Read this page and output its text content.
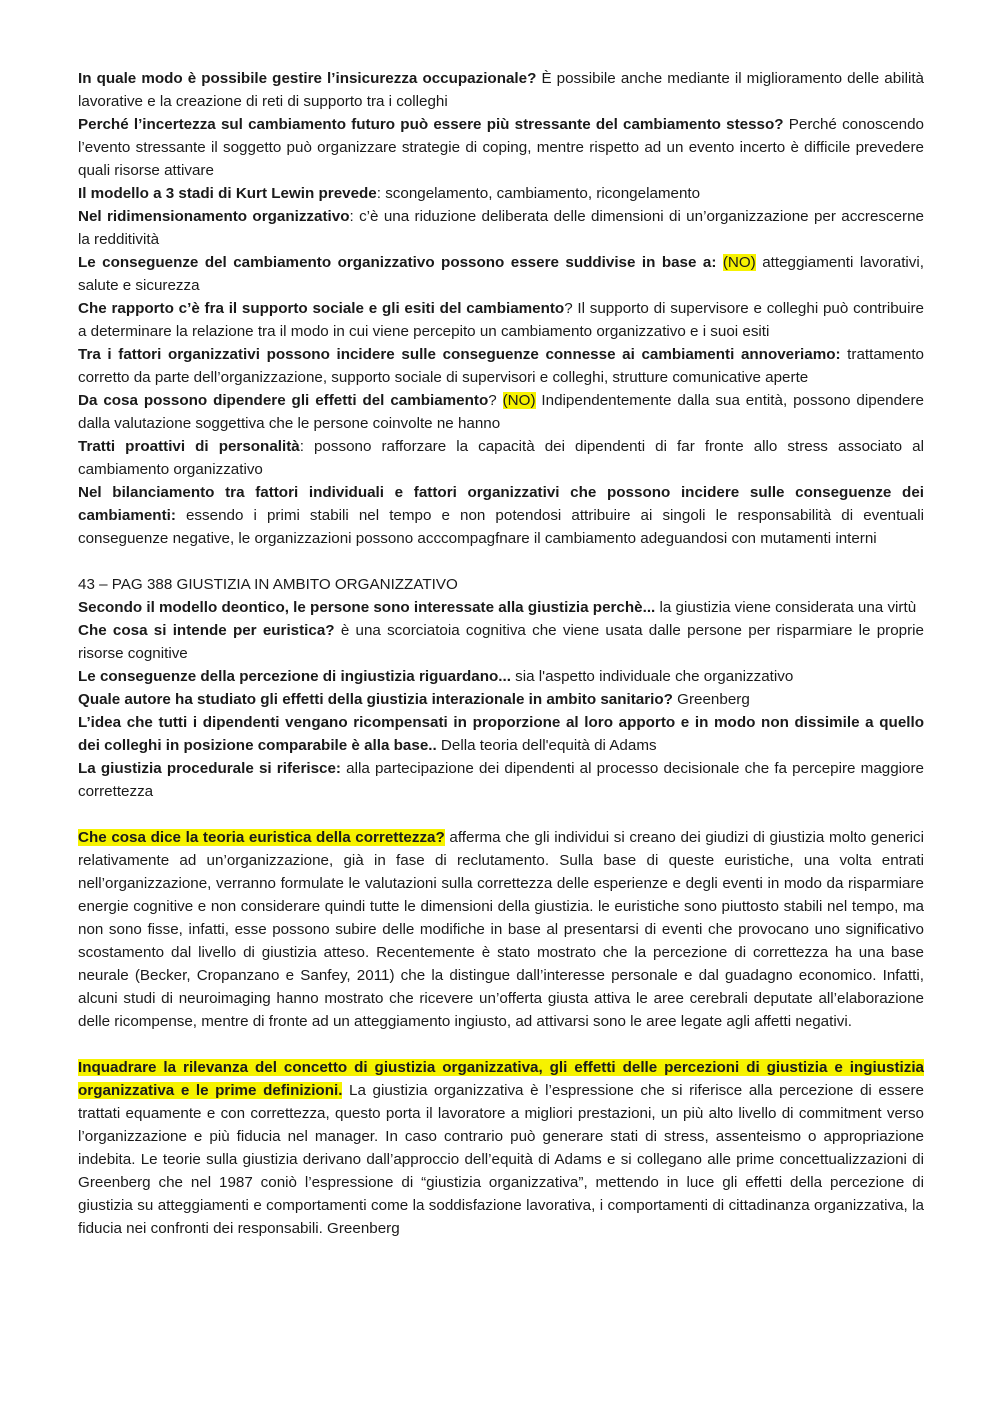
In quale modo è possibile gestire l’insicurezza occupazionale? È possibile anche mediante il miglioramento delle abilità lavorative e la creazione di reti di supporto tra i colleghi

Perché l’incertezza sul cambiamento futuro può essere più stressante del cambiamento stesso? Perché conoscendo l’evento stressante il soggetto può organizzare strategie di coping, mentre rispetto ad un evento incerto è difficile prevedere quali risorse attivare

Il modello a 3 stadi di Kurt Lewin prevede: scongelamento, cambiamento, ricongelamento

Nel ridimensionamento organizzativo: c’è una riduzione deliberata delle dimensioni di un’organizzazione per accrescerne la redditività

Le conseguenze del cambiamento organizzativo possono essere suddivise in base a: (NO) atteggiamenti lavorativi, salute e sicurezza

Che rapporto c’è fra il supporto sociale e gli esiti del cambiamento? Il supporto di supervisore e colleghi può contribuire a determinare la relazione tra il modo in cui viene percepito un cambiamento organizzativo e i suoi esiti

Tra i fattori organizzativi possono incidere sulle conseguenze connesse ai cambiamenti annoveriamo: trattamento corretto da parte dell’organizzazione, supporto sociale di supervisori e colleghi, strutture comunicative aperte

Da cosa possono dipendere gli effetti del cambiamento? (NO) Indipendentemente dalla sua entità, possono dipendere dalla valutazione soggettiva che le persone coinvolte ne hanno

Tratti proattivi di personalità: possono rafforzare la capacità dei dipendenti di far fronte allo stress associato al cambiamento organizzativo

Nel bilanciamento tra fattori individuali e fattori organizzativi che possono incidere sulle conseguenze dei cambiamenti: essendo i primi stabili nel tempo e non potendosi attribuire ai singoli le responsabilità di eventuali conseguenze negative, le organizzazioni possono acccompagfnare il cambiamento adeguandosi con mutamenti interni

43 – PAG 388 GIUSTIZIA IN AMBITO ORGANIZZATIVO

Secondo il modello deontico, le persone sono interessate alla giustizia perchè... la giustizia viene considerata una virtù

Che cosa si intende per euristica? è una scorciatoia cognitiva che viene usata dalle persone per risparmiare le proprie risorse cognitive

Le conseguenze della percezione di ingiustizia riguardano... sia l'aspetto individuale che organizzativo

Quale autore ha studiato gli effetti della giustizia interazionale in ambito sanitario? Greenberg

L’idea che tutti i dipendenti vengano ricompensati in proporzione al loro apporto e in modo non dissimile a quello dei colleghi in posizione comparabile è alla base.. Della teoria dell'equità di Adams

La giustizia procedurale si riferisce: alla partecipazione dei dipendenti al processo decisionale che fa percepire maggiore correttezza

Che cosa dice la teoria euristica della correttezza? afferma che gli individui si creano dei giudizi di giustizia molto generici relativamente ad un’organizzazione, già in fase di reclutamento. Sulla base di queste euristiche, una volta entrati nell’organizzazione, verranno formulate le valutazioni sulla correttezza delle esperienze e degli eventi in modo da risparmiare energie cognitive e non considerare quindi tutte le dimensioni della giustizia. le euristiche sono piuttosto stabili nel tempo, ma non sono fisse, infatti, esse possono subire delle modifiche in base al presentarsi di eventi che provocano uno significativo scostamento dal livello di giustizia atteso. Recentemente è stato mostrato che la percezione di correttezza ha una base neurale (Becker, Cropanzano e Sanfey, 2011) che la distingue dall’interesse personale e dal guadagno economico. Infatti, alcuni studi di neuroimaging hanno mostrato che ricevere un’offerta giusta attiva le aree cerebrali deputate all’elaborazione delle ricompense, mentre di fronte ad un atteggiamento ingiusto, ad attivarsi sono le aree legate agli affetti negativi.

Inquadrare la rilevanza del concetto di giustizia organizzativa, gli effetti delle percezioni di giustizia e ingiustizia organizzativa e le prime definizioni. La giustizia organizzativa è l’espressione che si riferisce alla percezione di essere trattati equamente e con correttezza, questo porta il lavoratore a migliori prestazioni, un più alto livello di commitment verso l’organizzazione e più fiducia nel manager. In caso contrario può generare stati di stress, assenteismo o appropriazione indebita. Le teorie sulla giustizia derivano dall’approccio dell’equità di Adams e si collegano alle prime concettualizzazioni di Greenberg che nel 1987 coniò l’espressione di “giustizia organizzativa”, mettendo in luce gli effetti della percezione di giustizia su atteggiamenti e comportamenti come la soddisfazione lavorativa, i comportamenti di cittadinanza organizzativa, la fiducia nei confronti dei responsabili. Greenberg
